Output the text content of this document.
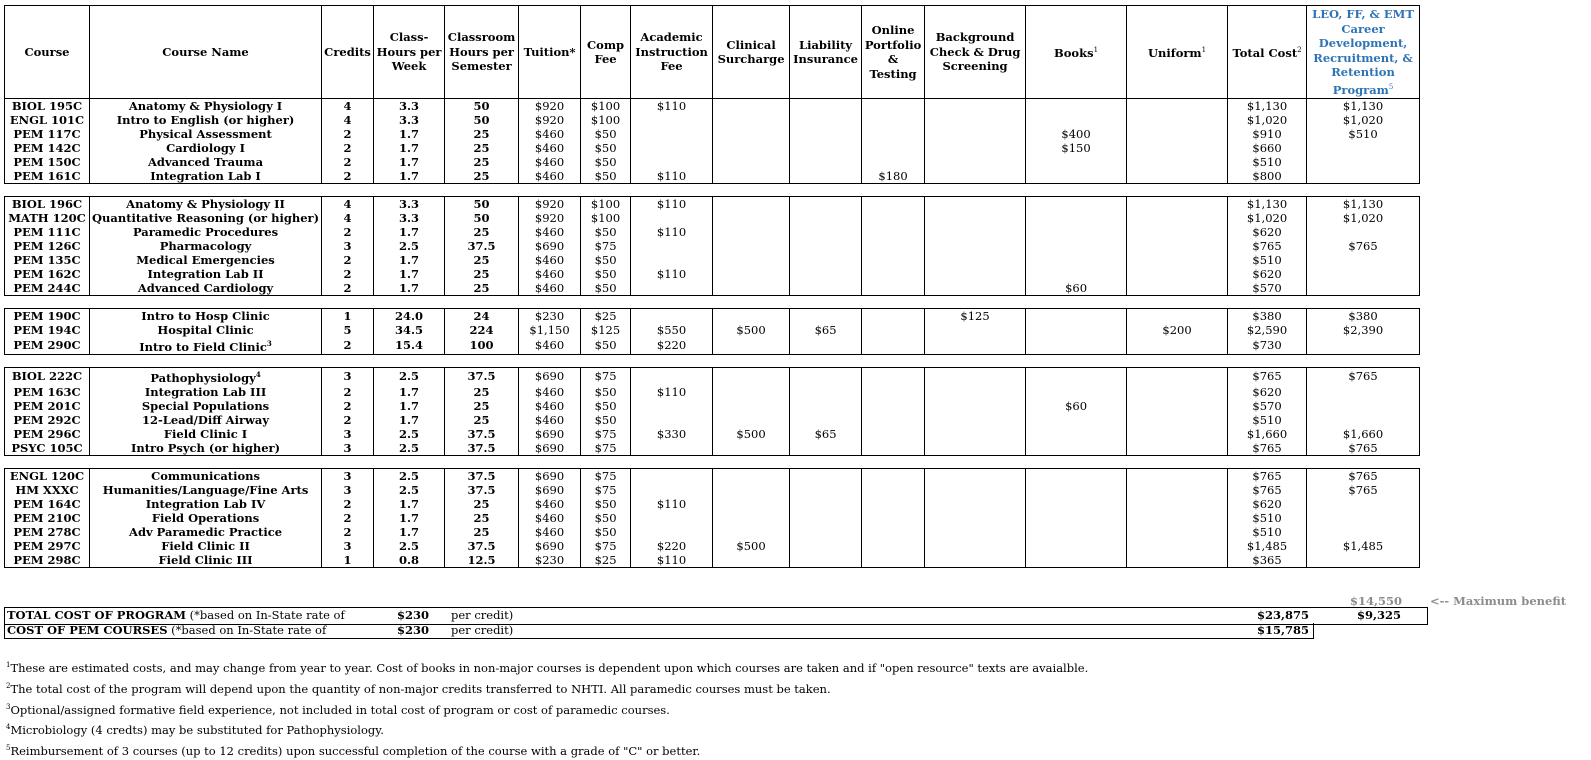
Course	Course Name	Credits	Class-Hours per Week	Classroom Hours per Semester	Tuition*	Comp Fee	Academic Instruction Fee	Clinical Surcharge	Liability Insurance	Online Portfolio & Testing	Background Check & Drug Screening	Books$^1$	Uniform$^1$	Total Cost$^2$	LEO, FF, & EMT Career Development, Recruitment, & Retention Program$^5$
BIOL 195C	Anatomy & Physiology I	4	3.3	50	$920	$100	$110							$1,130	$1,130
ENGL 101C	Intro to English (or higher)	4	3.3	50	$920	$100								$1,020	$1,020
PEM 117C	Physical Assessment	2	1.7	25	$460	$50						$400		$910	$510
PEM 142C	Cardiology I	2	1.7	25	$460	$50						$150		$660	
PEM 150C	Advanced Trauma	2	1.7	25	$460	$50								$510	
PEM 161C	Integration Lab I	2	1.7	25	$460	$50	$110			$180				$800	

BIOL 196C	Anatomy & Physiology II	4	3.3	50	$920	$100	$110							$1,130	$1,130
MATH 120C	Quantitative Reasoning (or higher)	4	3.3	50	$920	$100								$1,020	$1,020
PEM 111C	Paramedic Procedures	2	1.7	25	$460	$50	$110							$620	
PEM 126C	Pharmacology	3	2.5	37.5	$690	$75								$765	$765
PEM 135C	Medical Emergencies	2	1.7	25	$460	$50								$510	
PEM 162C	Integration Lab II	2	1.7	25	$460	$50	$110							$620	
PEM 244C	Advanced Cardiology	2	1.7	25	$460	$50						$60		$570	

PEM 190C	Intro to Hosp Clinic	1	24.0	24	$230	$25					$125			$380	$380
PEM 194C	Hospital Clinic	5	34.5	224	$1,150	$125	$550	$500	$65				$200	$2,590	$2,390
PEM 290C	Intro to Field Clinic$^3$	2	15.4	100	$460	$50	$220							$730	

BIOL 222C	Pathophysiology$^4$	3	2.5	37.5	$690	$75								$765	$765
PEM 163C	Integration Lab III	2	1.7	25	$460	$50	$110							$620	
PEM 201C	Special Populations	2	1.7	25	$460	$50						$60		$570	
PEM 292C	12-Lead/Diff Airway	2	1.7	25	$460	$50								$510	
PEM 296C	Field Clinic I	3	2.5	37.5	$690	$75	$330	$500	$65					$1,660	$1,660
PSYC 105C	Intro Psych (or higher)	3	2.5	37.5	$690	$75								$765	$765

ENGL 120C	Communications	3	2.5	37.5	$690	$75								$765	$765
HM XXXC	Humanities/Language/Fine Arts	3	2.5	37.5	$690	$75								$765	$765
PEM 164C	Integration Lab IV	2	1.7	25	$460	$50	$110							$620	
PEM 210C	Field Operations	2	1.7	25	$460	$50								$510	
PEM 278C	Adv Paramedic Practice	2	1.7	25	$460	$50								$510	
PEM 297C	Field Clinic II	3	2.5	37.5	$690	$75	$220	$500						$1,485	$1,485
PEM 298C	Field Clinic III	1	0.8	12.5	$230	$25	$110							$365	
$14,550 <-- Maximum benefit
TOTAL COST OF PROGRAM (*based on In-State rate of	$230 per credit)	$23,875	$9,325
COST OF PEM COURSES (*based on In-State rate of	$230 per credit)	$15,785
$^1$These are estimated costs, and may change from year to year. Cost of books in non-major courses is dependent upon which courses are taken and if "open resource" texts are avaialble.
$^2$The total cost of the program will depend upon the quantity of non-major credits transferred to NHTI. All paramedic courses must be taken.
$^3$Optional/assigned formative field experience, not included in total cost of program or cost of paramedic courses.
$^4$Microbiology (4 credts) may be substituted for Pathophysiology.
$^5$Reimbursement of 3 courses (up to 12 credits) upon successful completion of the course with a grade of "C" or better.
